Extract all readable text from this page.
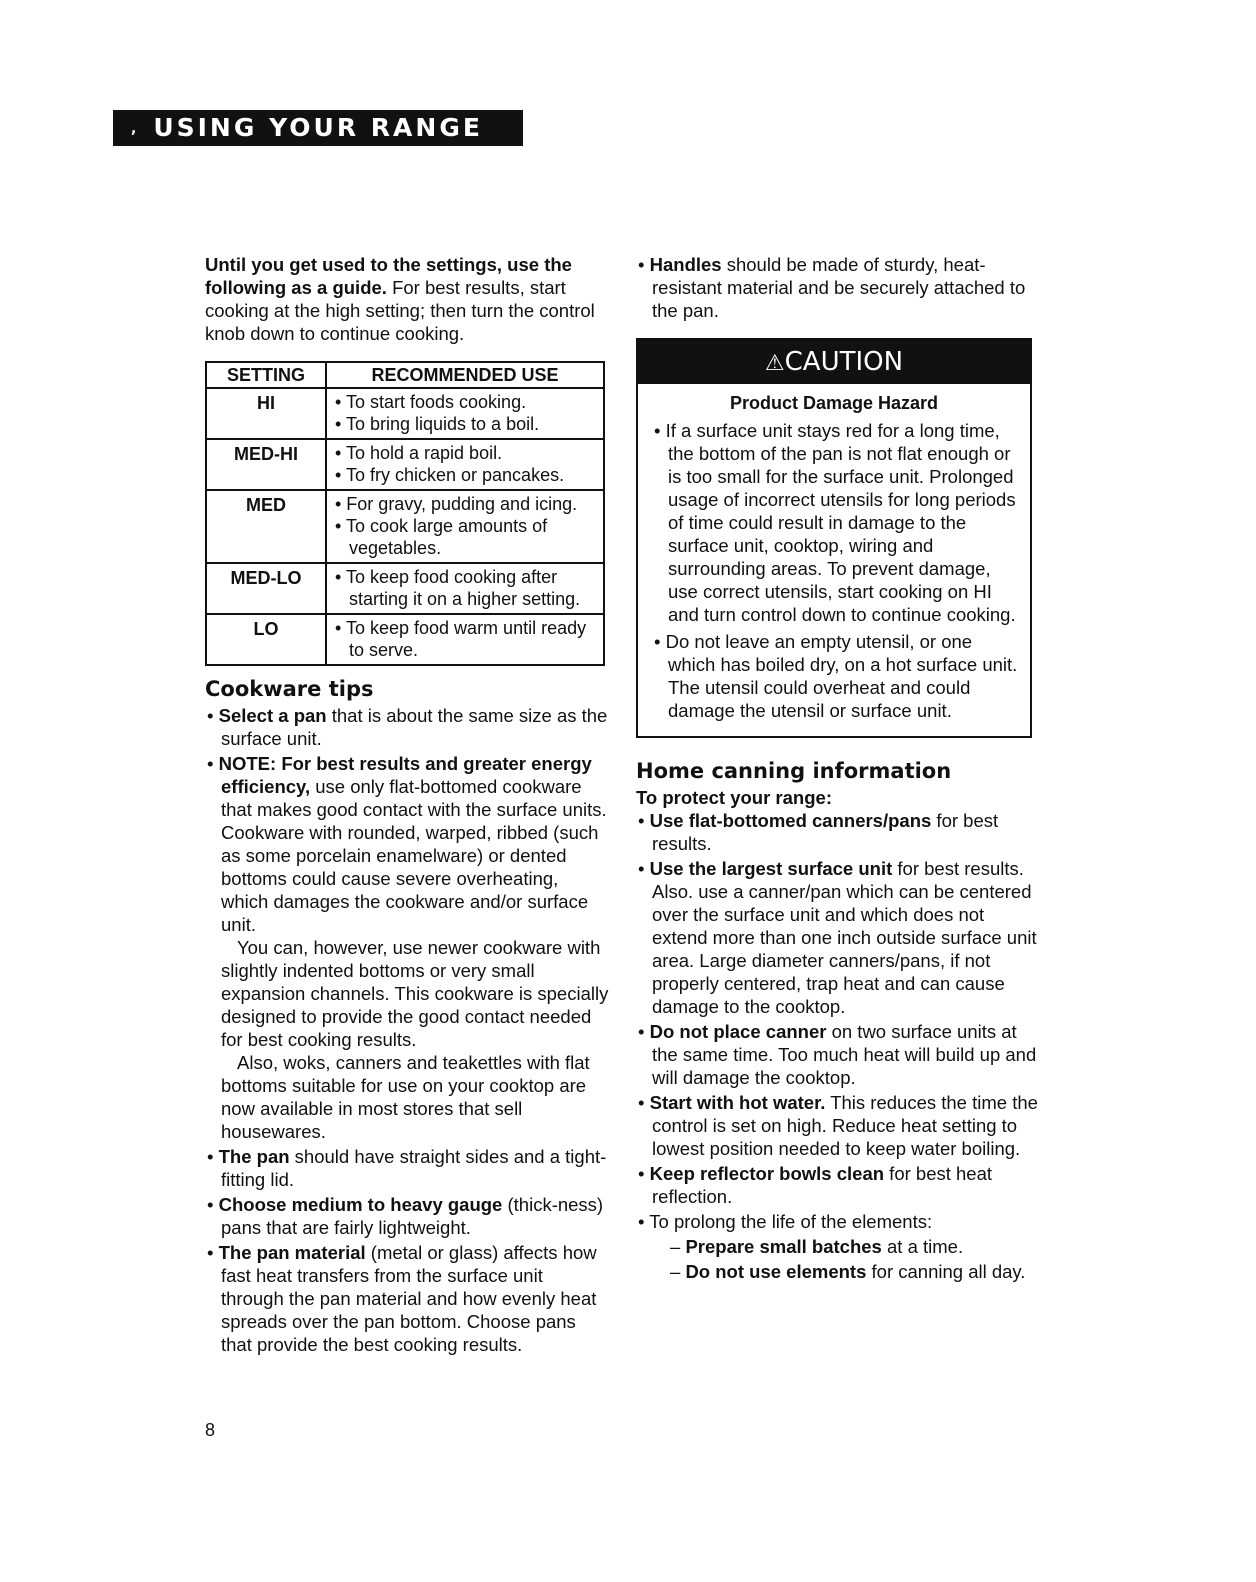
, USING YOUR RANGE

Until you get used to the settings, use the following as a guide. For best results, start cooking at the high setting; then turn the control knob down to continue cooking.

SETTING	RECOMMENDED USE
HI	• To start foods cooking.
• To bring liquids to a boil.

MED-HI	• To hold a rapid boil.
• To fry chicken or pancakes.

MED	• For gravy, pudding and icing.
• To cook large amounts of vegetables.

MED-LO	• To keep food cooking after starting it on a higher setting.

LO	• To keep food warm until ready to serve.
Cookware tips
• Select a pan that is about the same size as the surface unit.
• NOTE: For best results and greater energy efficiency, use only flat-bottomed cookware that makes good contact with the surface units. Cookware with rounded, warped, ribbed (such as some porcelain enamelware) or dented bottoms could cause severe overheating, which damages the cookware and/or surface unit.
You can, however, use newer cookware with slightly indented bottoms or very small expansion channels. This cookware is specially designed to provide the good contact needed for best cooking results.
Also, woks, canners and teakettles with flat bottoms suitable for use on your cooktop are now available in most stores that sell housewares.
• The pan should have straight sides and a tight-fitting lid.
• Choose medium to heavy gauge (thick-ness) pans that are fairly lightweight.
• The pan material (metal or glass) affects how fast heat transfers from the surface unit through the pan material and how evenly heat spreads over the pan bottom. Choose pans that provide the best cooking results.
• Handles should be made of sturdy, heat-resistant material and be securely attached to the pan.
⚠CAUTION
Product Damage Hazard
• If a surface unit stays red for a long time, the bottom of the pan is not flat enough or is too small for the surface unit. Prolonged usage of incorrect utensils for long periods of time could result in damage to the surface unit, cooktop, wiring and surrounding areas. To prevent damage, use correct utensils, start cooking on HI and turn control down to continue cooking.
• Do not leave an empty utensil, or one which has boiled dry, on a hot surface unit. The utensil could overheat and could damage the utensil or surface unit.
Home canning information

To protect your range:

• Use flat-bottomed canners/pans for best results.
• Use the largest surface unit for best results. Also. use a canner/pan which can be centered over the surface unit and which does not extend more than one inch outside surface unit area. Large diameter canners/pans, if not properly centered, trap heat and can cause damage to the cooktop.
• Do not place canner on two surface units at the same time. Too much heat will build up and will damage the cooktop.
• Start with hot water. This reduces the time the control is set on high. Reduce heat setting to lowest position needed to keep water boiling.
• Keep reflector bowls clean for best heat reflection.
• To prolong the life of the elements:
– Prepare small batches at a time.
– Do not use elements for canning all day.
8
